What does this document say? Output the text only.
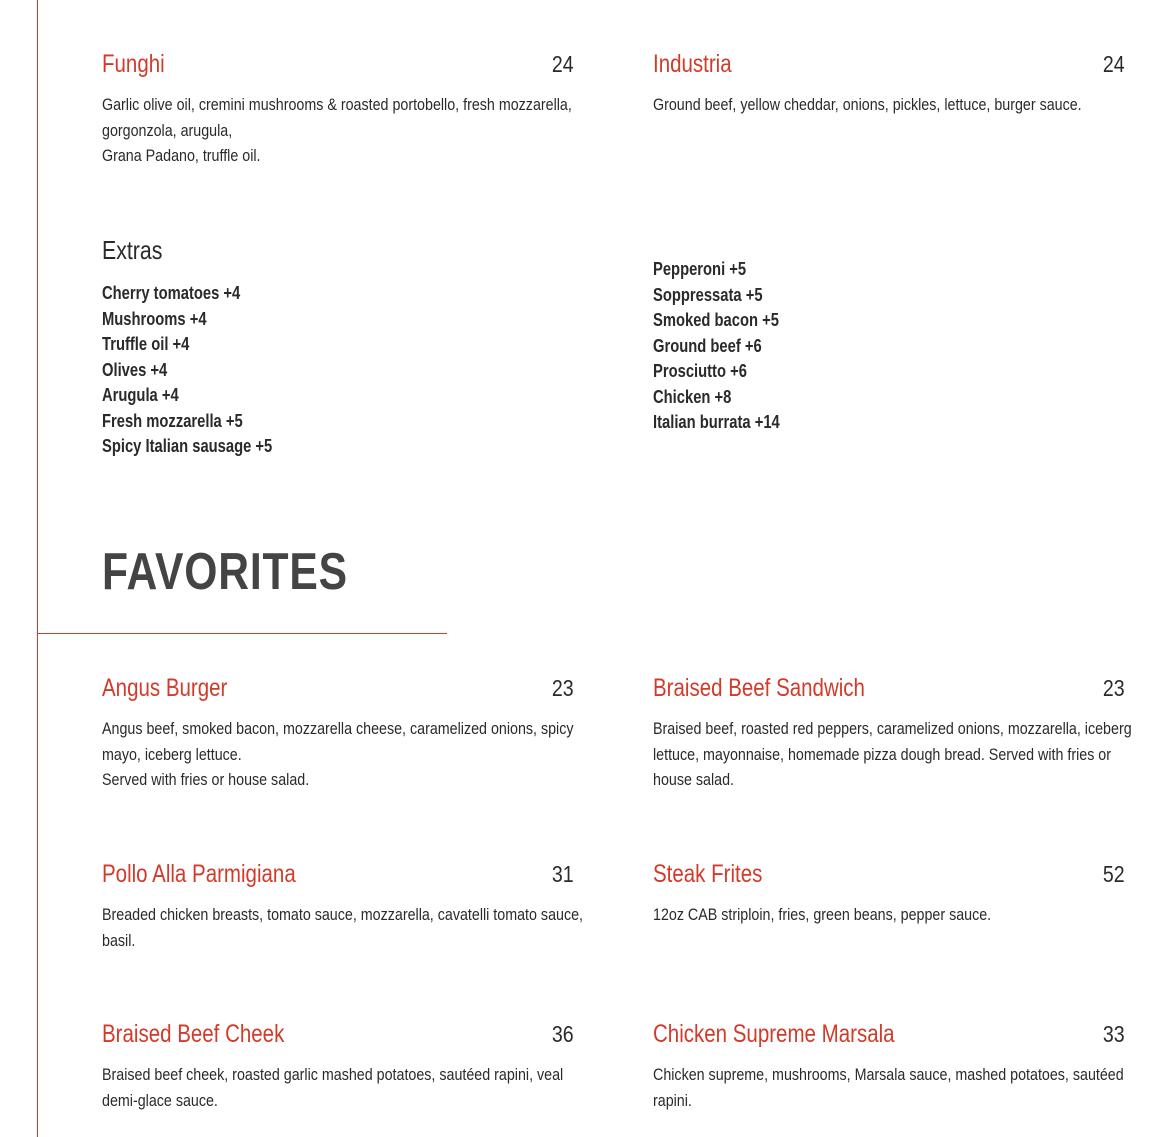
Funghi	24
Garlic olive oil, cremini mushrooms & roasted portobello, fresh mozzarella,
gorgonzola, arugula,
Grana Padano, truffle oil.
Industria	24
Ground beef, yellow cheddar, onions, pickles, lettuce, burger sauce.
Extras
Cherry tomatoes +4
Mushrooms +4
Truffle oil +4
Olives +4
Arugula +4
Fresh mozzarella +5
Spicy Italian sausage +5
Pepperoni +5
Soppressata +5
Smoked bacon +5
Ground beef +6
Prosciutto +6
Chicken +8
Italian burrata +14
FAVORITES
Angus Burger	23
Angus beef, smoked bacon, mozzarella cheese, caramelized onions, spicy
mayo, iceberg lettuce.
Served with fries or house salad.
Braised Beef Sandwich	23
Braised beef, roasted red peppers, caramelized onions, mozzarella, iceberg
lettuce, mayonnaise, homemade pizza dough bread. Served with fries or
house salad.
Pollo Alla Parmigiana	31
Breaded chicken breasts, tomato sauce, mozzarella, cavatelli tomato sauce,
basil.
Steak Frites	52
12oz CAB striploin, fries, green beans, pepper sauce.
Braised Beef Cheek	36
Braised beef cheek, roasted garlic mashed potatoes, sautéed rapini, veal
demi-glace sauce.
Chicken Supreme Marsala	33
Chicken supreme, mushrooms, Marsala sauce, mashed potatoes, sautéed
rapini.
